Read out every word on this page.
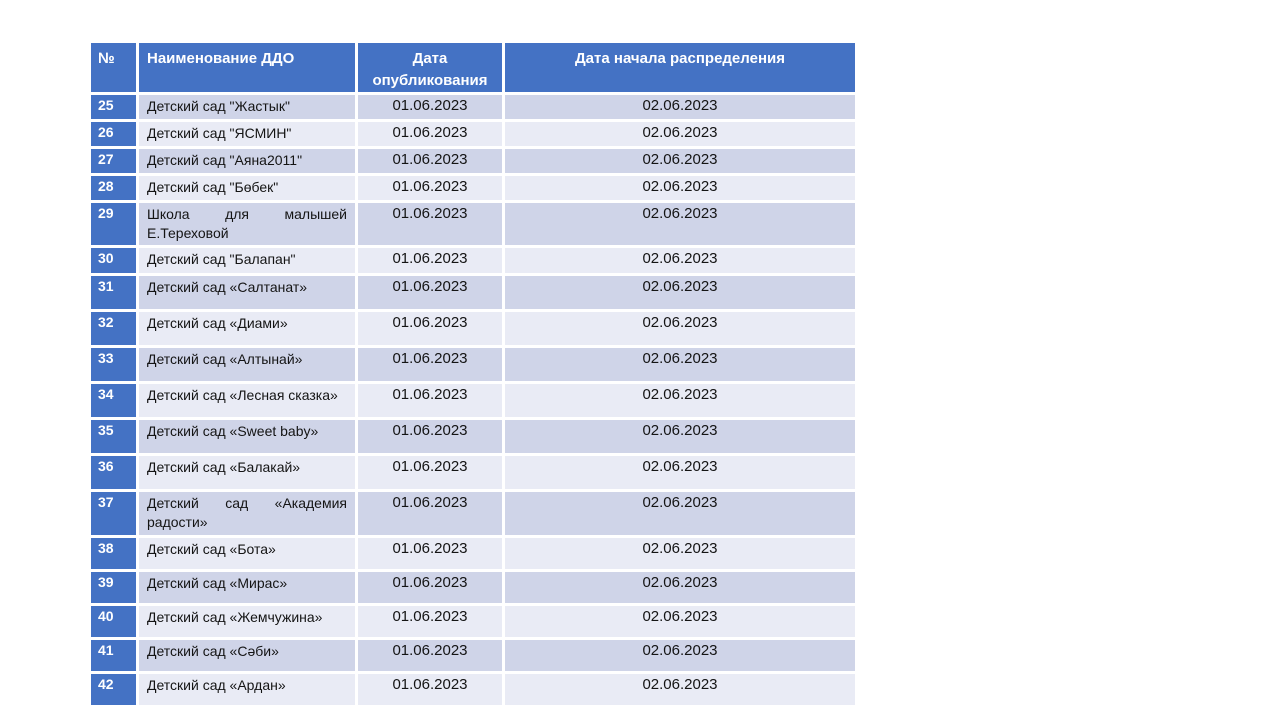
№	Наименование ДДО	Дата опубликования	Дата начала распределения
25	Детский сад "Жастык"	01.06.2023	02.06.2023
26	Детский сад "ЯСМИН"	01.06.2023	02.06.2023
27	Детский сад "Аяна2011"	01.06.2023	02.06.2023
28	Детский сад "Бөбек"	01.06.2023	02.06.2023
29	Школа для малышей Е.Тереховой	01.06.2023	02.06.2023
30	Детский сад "Балапан"	01.06.2023	02.06.2023
31	Детский сад «Салтанат»	01.06.2023	02.06.2023
32	Детский сад «Диами»	01.06.2023	02.06.2023
33	Детский сад «Алтынай»	01.06.2023	02.06.2023
34	Детский сад «Лесная сказка»	01.06.2023	02.06.2023
35	Детский сад «Sweet baby»	01.06.2023	02.06.2023
36	Детский сад «Балакай»	01.06.2023	02.06.2023
37	Детский сад «Академия радости»	01.06.2023	02.06.2023
38	Детский сад «Бота»	01.06.2023	02.06.2023
39	Детский сад «Мирас»	01.06.2023	02.06.2023
40	Детский сад «Жемчужина»	01.06.2023	02.06.2023
41	Детский сад «Сәби»	01.06.2023	02.06.2023
42	Детский сад «Ардан»	01.06.2023	02.06.2023
